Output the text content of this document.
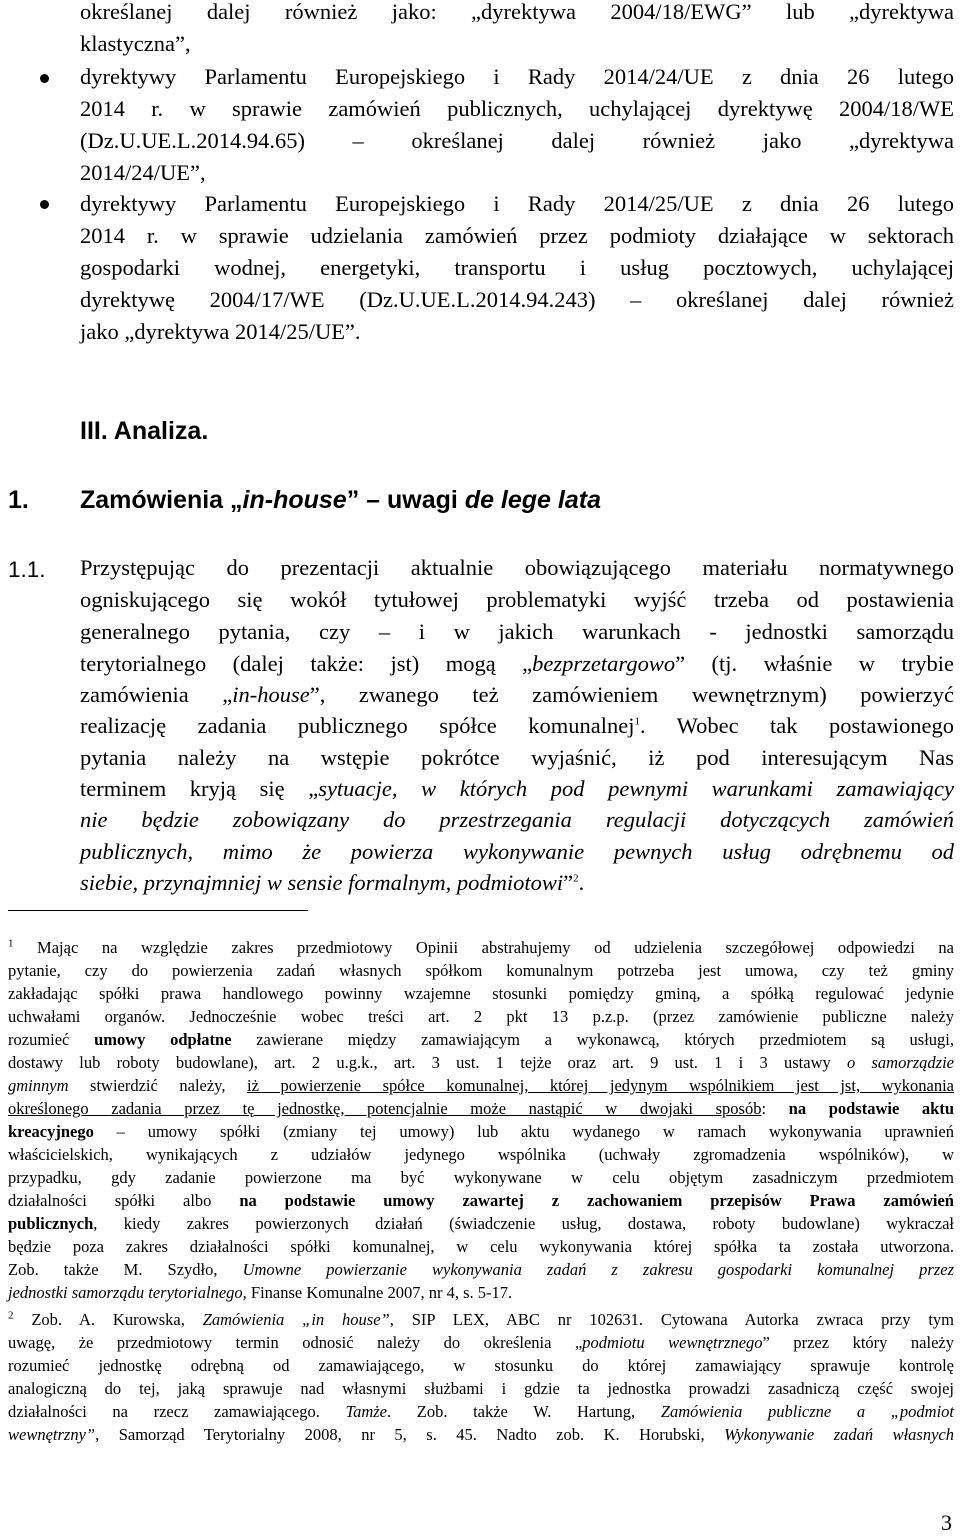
określanej dalej również jako: „dyrektywa 2004/18/EWG” lub „dyrektywa
klastyczna”,
dyrektywy Parlamentu Europejskiego i Rady 2014/24/UE z dnia 26 lutego
2014 r. w sprawie zamówień publicznych, uchylającej dyrektywę 2004/18/WE
(Dz.U.UE.L.2014.94.65) – określanej dalej również jako „dyrektywa
2014/24/UE”,
dyrektywy Parlamentu Europejskiego i Rady 2014/25/UE z dnia 26 lutego
2014 r. w sprawie udzielania zamówień przez podmioty działające w sektorach
gospodarki wodnej, energetyki, transportu i usług pocztowych, uchylającej
dyrektywę 2004/17/WE (Dz.U.UE.L.2014.94.243) – określanej dalej również
jako „dyrektywa 2014/25/UE”.
III. Analiza.
1. Zamówienia „in-house” – uwagi de lege lata
1.1. Przystępując do prezentacji aktualnie obowiązującego materiału normatywnego
ogniskującego się wokół tytułowej problematyki wyjść trzeba od postawienia
generalnego pytania, czy – i w jakich warunkach - jednostki samorządu
terytorialnego (dalej także: jst) mogą „bezprzetargowo” (tj. właśnie w trybie
zamówienia „in-house”, zwanego też zamówieniem wewnętrznym) powierzyć
realizację zadania publicznego spółce komunalnej$^1$. Wobec tak postawionego
pytania należy na wstępie pokrótce wyjaśnić, iż pod interesującym Nas
terminem kryją się „sytuacje, w których pod pewnymi warunkami zamawiający
nie będzie zobowiązany do przestrzegania regulacji dotyczących zamówień
publicznych, mimo że powierza wykonywanie pewnych usług odrębnemu od
siebie, przynajmniej w sensie formalnym, podmiotowi”$^2$.
$^1$ Mając na względzie zakres przedmiotowy Opinii abstrahujemy od udzielenia szczegółowej odpowiedzi na
pytanie, czy do powierzenia zadań własnych spółkom komunalnym potrzeba jest umowa, czy też gminy
zakładając spółki prawa handlowego powinny wzajemne stosunki pomiędzy gminą, a spółką regulować jedynie
uchwałami organów. Jednocześnie wobec treści art. 2 pkt 13 p.z.p. (przez zamówienie publiczne należy
rozumieć umowy odpłatne zawierane między zamawiającym a wykonawcą, których przedmiotem są usługi,
dostawy lub roboty budowlane), art. 2 u.g.k., art. 3 ust. 1 tejże oraz art. 9 ust. 1 i 3 ustawy o samorządzie
gminnym stwierdzić należy, iż powierzenie spółce komunalnej, której jedynym wspólnikiem jest jst, wykonania
określonego zadania przez tę jednostkę, potencjalnie może nastąpić w dwojaki sposób: na podstawie aktu
kreacyjnego – umowy spółki (zmiany tej umowy) lub aktu wydanego w ramach wykonywania uprawnień
właścicielskich, wynikających z udziałów jedynego wspólnika (uchwały zgromadzenia wspólników), w
przypadku, gdy zadanie powierzone ma być wykonywane w celu objętym zasadniczym przedmiotem
działalności spółki albo na podstawie umowy zawartej z zachowaniem przepisów Prawa zamówień
publicznych, kiedy zakres powierzonych działań (świadczenie usług, dostawa, roboty budowlane) wykraczał
będzie poza zakres działalności spółki komunalnej, w celu wykonywania której spółka ta została utworzona.
Zob. także M. Szydło, Umowne powierzanie wykonywania zadań z zakresu gospodarki komunalnej przez
jednostki samorządu terytorialnego, Finanse Komunalne 2007, nr 4, s. 5-17.
$^2$ Zob. A. Kurowska, Zamówienia „in house”, SIP LEX, ABC nr 102631. Cytowana Autorka zwraca przy tym
uwagę, że przedmiotowy termin odnosić należy do określenia „podmiotu wewnętrznego” przez który należy
rozumieć jednostkę odrębną od zamawiającego, w stosunku do której zamawiający sprawuje kontrolę
analogiczną do tej, jaką sprawuje nad własnymi służbami i gdzie ta jednostka prowadzi zasadniczą część swojej
działalności na rzecz zamawiającego. Tamże. Zob. także W. Hartung, Zamówienia publiczne a „podmiot
wewnętrzny”, Samorząd Terytorialny 2008, nr 5, s. 45. Nadto zob. K. Horubski, Wykonywanie zadań własnych
3
